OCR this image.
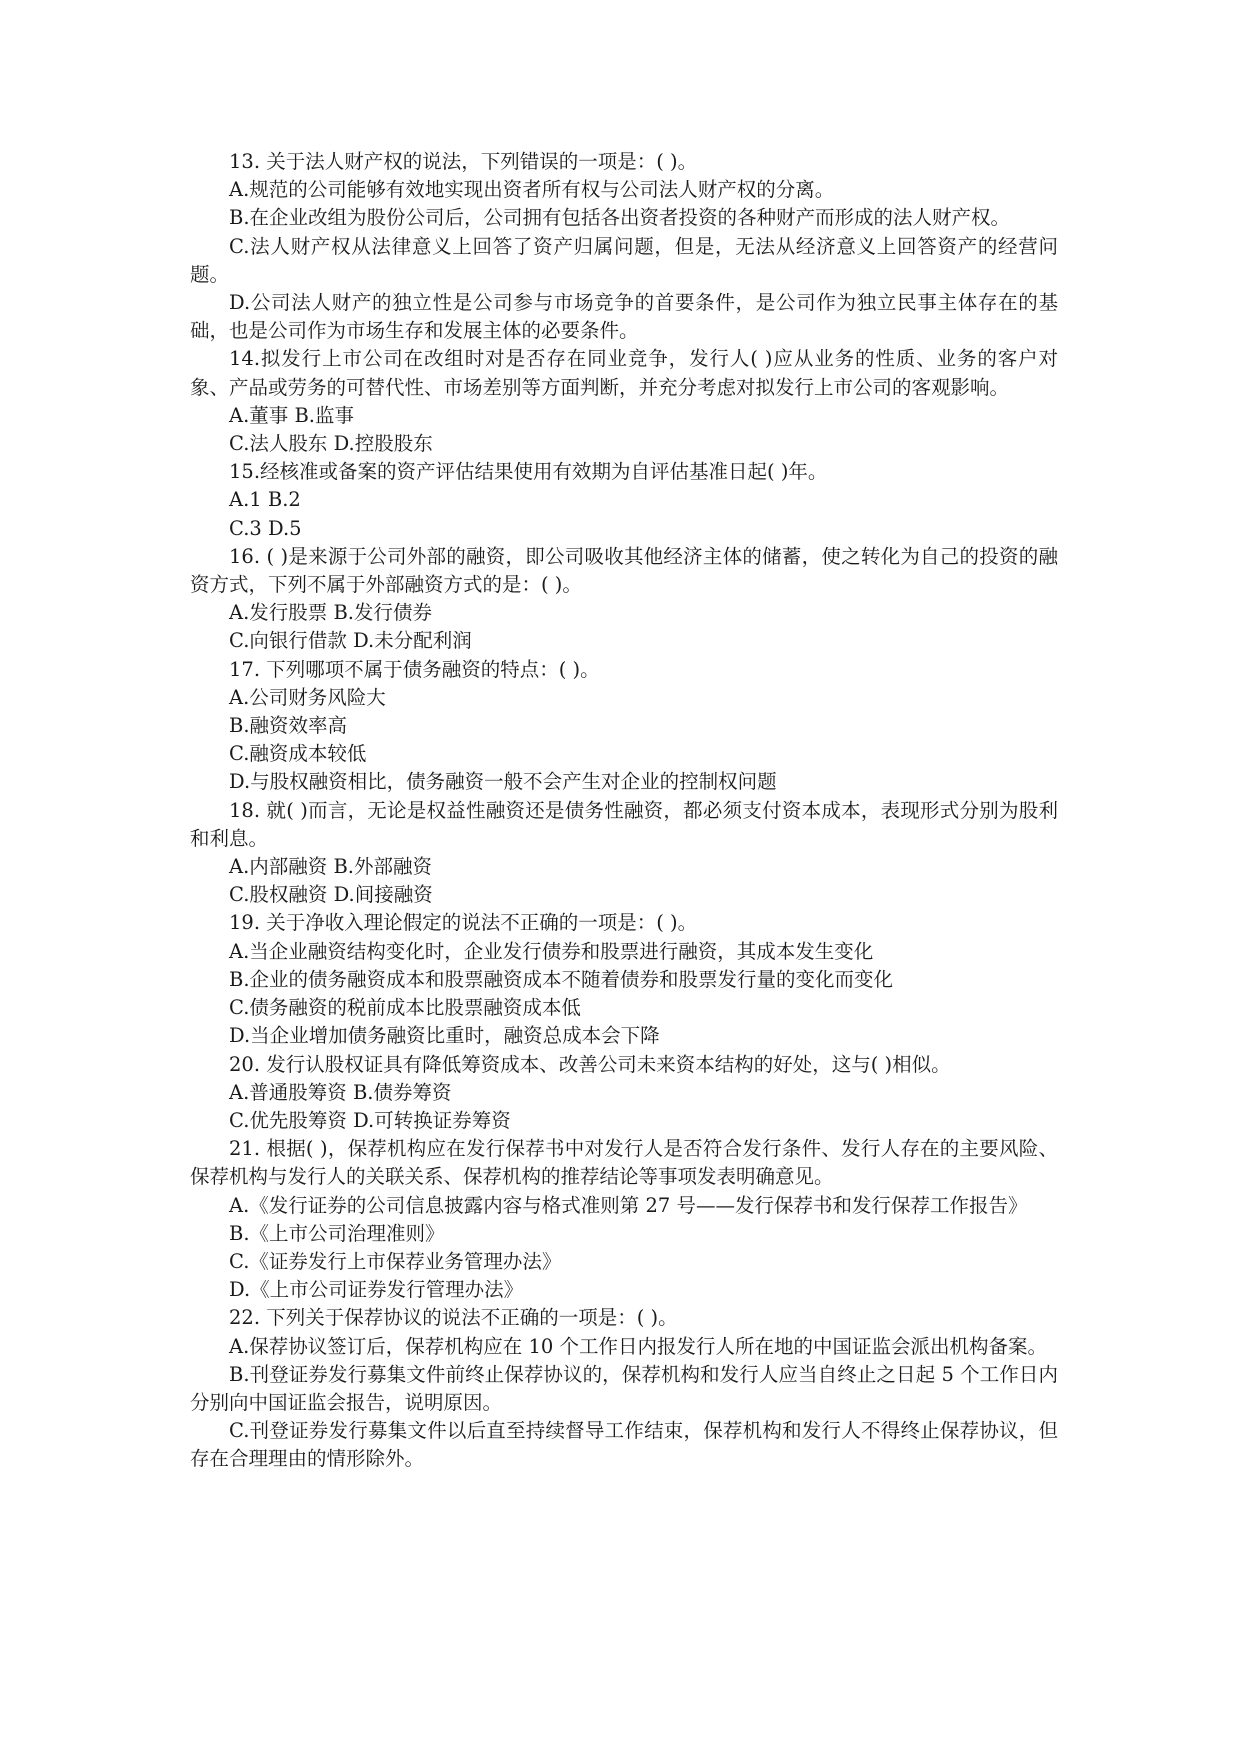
13. 关于法人财产权的说法，下列错误的一项是：( )。

A.规范的公司能够有效地实现出资者所有权与公司法人财产权的分离。

B.在企业改组为股份公司后，公司拥有包括各出资者投资的各种财产而形成的法人财产权。

C.法人财产权从法律意义上回答了资产归属问题，但是，无法从经济意义上回答资产的经营问题。

D.公司法人财产的独立性是公司参与市场竞争的首要条件，是公司作为独立民事主体存在的基础，也是公司作为市场生存和发展主体的必要条件。

14.拟发行上市公司在改组时对是否存在同业竞争，发行人( )应从业务的性质、业务的客户对象、产品或劳务的可替代性、市场差别等方面判断，并充分考虑对拟发行上市公司的客观影响。

A.董事 B.监事

C.法人股东 D.控股股东

15.经核准或备案的资产评估结果使用有效期为自评估基准日起( )年。

A.1 B.2

C.3 D.5

16. ( )是来源于公司外部的融资，即公司吸收其他经济主体的储蓄，使之转化为自己的投资的融资方式，下列不属于外部融资方式的是：( )。

A.发行股票 B.发行债券

C.向银行借款 D.未分配利润

17. 下列哪项不属于债务融资的特点：( )。

A.公司财务风险大

B.融资效率高

C.融资成本较低

D.与股权融资相比，债务融资一般不会产生对企业的控制权问题

18. 就( )而言，无论是权益性融资还是债务性融资，都必须支付资本成本，表现形式分别为股利和利息。

A.内部融资 B.外部融资

C.股权融资 D.间接融资

19. 关于净收入理论假定的说法不正确的一项是：( )。

A.当企业融资结构变化时，企业发行债券和股票进行融资，其成本发生变化

B.企业的债务融资成本和股票融资成本不随着债券和股票发行量的变化而变化

C.债务融资的税前成本比股票融资成本低

D.当企业增加债务融资比重时，融资总成本会下降

20. 发行认股权证具有降低筹资成本、改善公司未来资本结构的好处，这与( )相似。

A.普通股筹资 B.债券筹资

C.优先股筹资 D.可转换证券筹资

21. 根据( )，保荐机构应在发行保荐书中对发行人是否符合发行条件、发行人存在的主要风险、保荐机构与发行人的关联关系、保荐机构的推荐结论等事项发表明确意见。

A.《发行证券的公司信息披露内容与格式准则第 27 号——发行保荐书和发行保荐工作报告》

B.《上市公司治理准则》

C.《证券发行上市保荐业务管理办法》

D.《上市公司证券发行管理办法》

22. 下列关于保荐协议的说法不正确的一项是：( )。

A.保荐协议签订后，保荐机构应在 10 个工作日内报发行人所在地的中国证监会派出机构备案。

B.刊登证券发行募集文件前终止保荐协议的，保荐机构和发行人应当自终止之日起 5 个工作日内分别向中国证监会报告，说明原因。

C.刊登证券发行募集文件以后直至持续督导工作结束，保荐机构和发行人不得终止保荐协议，但存在合理理由的情形除外。
